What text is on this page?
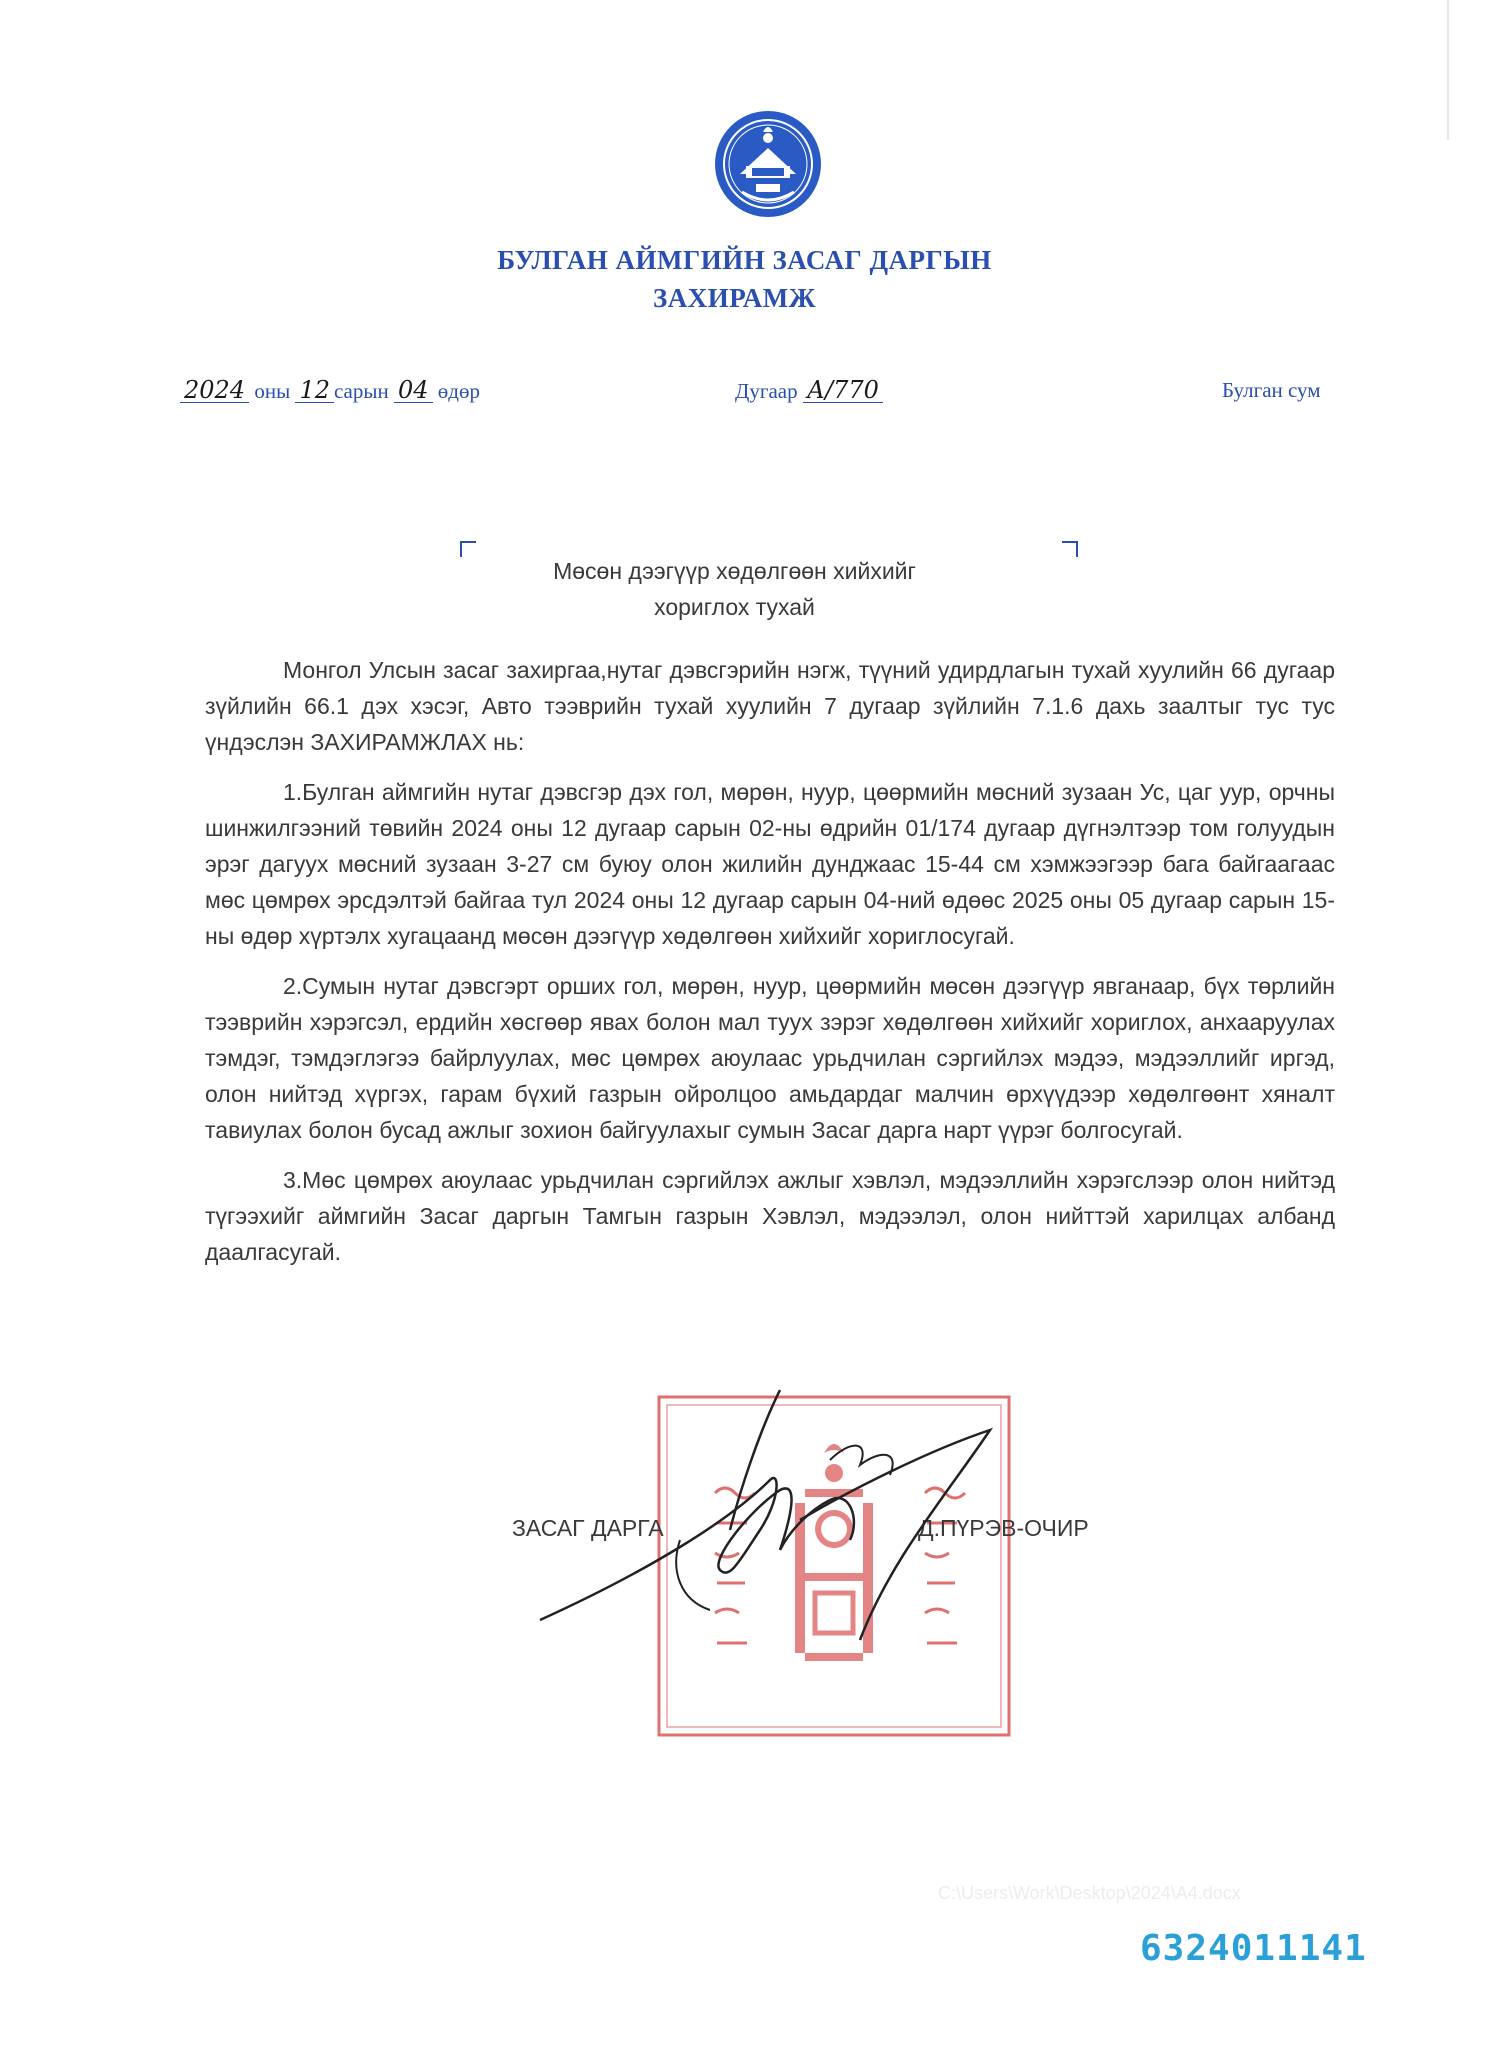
БУЛГАН АЙМГИЙН ЗАСАГ ДАРГЫН
ЗАХИРАМЖ
2024 оны 12 сарын 04 өдөр	Дугаар А/770	Булган сум
Мөсөн дээгүүр хөдөлгөөн хийхийг
хориглох тухай

Монгол Улсын засаг захиргаа,нутаг дэвсгэрийн нэгж, түүний удирдлагын тухай хуулийн 66 дугаар зүйлийн 66.1 дэх хэсэг, Авто тээврийн тухай хуулийн 7 дугаар зүйлийн 7.1.6 дахь заалтыг тус тус үндэслэн ЗАХИРАМЖЛАХ нь:

1.Булган аймгийн нутаг дэвсгэр дэх гол, мөрөн, нуур, цөөрмийн мөсний зузаан Ус, цаг уур, орчны шинжилгээний төвийн 2024 оны 12 дугаар сарын 02-ны өдрийн 01/174 дугаар дүгнэлтээр том голуудын эрэг дагуух мөсний зузаан 3-27 см буюу олон жилийн дунджаас 15-44 см хэмжээгээр бага байгаагаас мөс цөмрөх эрсдэлтэй байгаа тул 2024 оны 12 дугаар сарын 04-ний өдөөс 2025 оны 05 дугаар сарын 15-ны өдөр хүртэлх хугацаанд мөсөн дээгүүр хөдөлгөөн хийхийг хориглосугай.

2.Сумын нутаг дэвсгэрт орших гол, мөрөн, нуур, цөөрмийн мөсөн дээгүүр явганаар, бүх төрлийн тээврийн хэрэгсэл, ердийн хөсгөөр явах болон мал туух зэрэг хөдөлгөөн хийхийг хориглох, анхааруулах тэмдэг, тэмдэглэгээ байрлуулах, мөс цөмрөх аюулаас урьдчилан сэргийлэх мэдээ, мэдээллийг иргэд, олон нийтэд хүргэх, гарам бүхий газрын ойролцоо амьдардаг малчин өрхүүдээр хөдөлгөөнт хяналт тавиулах болон бусад ажлыг зохион байгуулахыг сумын Засаг дарга нарт үүрэг болгосугай.

3.Мөс цөмрөх аюулаас урьдчилан сэргийлэх ажлыг хэвлэл, мэдээллийн хэрэгслээр олон нийтэд түгээхийг аймгийн Засаг даргын Тамгын газрын Хэвлэл, мэдээлэл, олон нийттэй харилцах албанд даалгасугай.

ЗАСАГ ДАРГА	Д.ПҮРЭВ-ОЧИР
C:\Users\Work\Desktop\2024\A4.docx
6324011141
